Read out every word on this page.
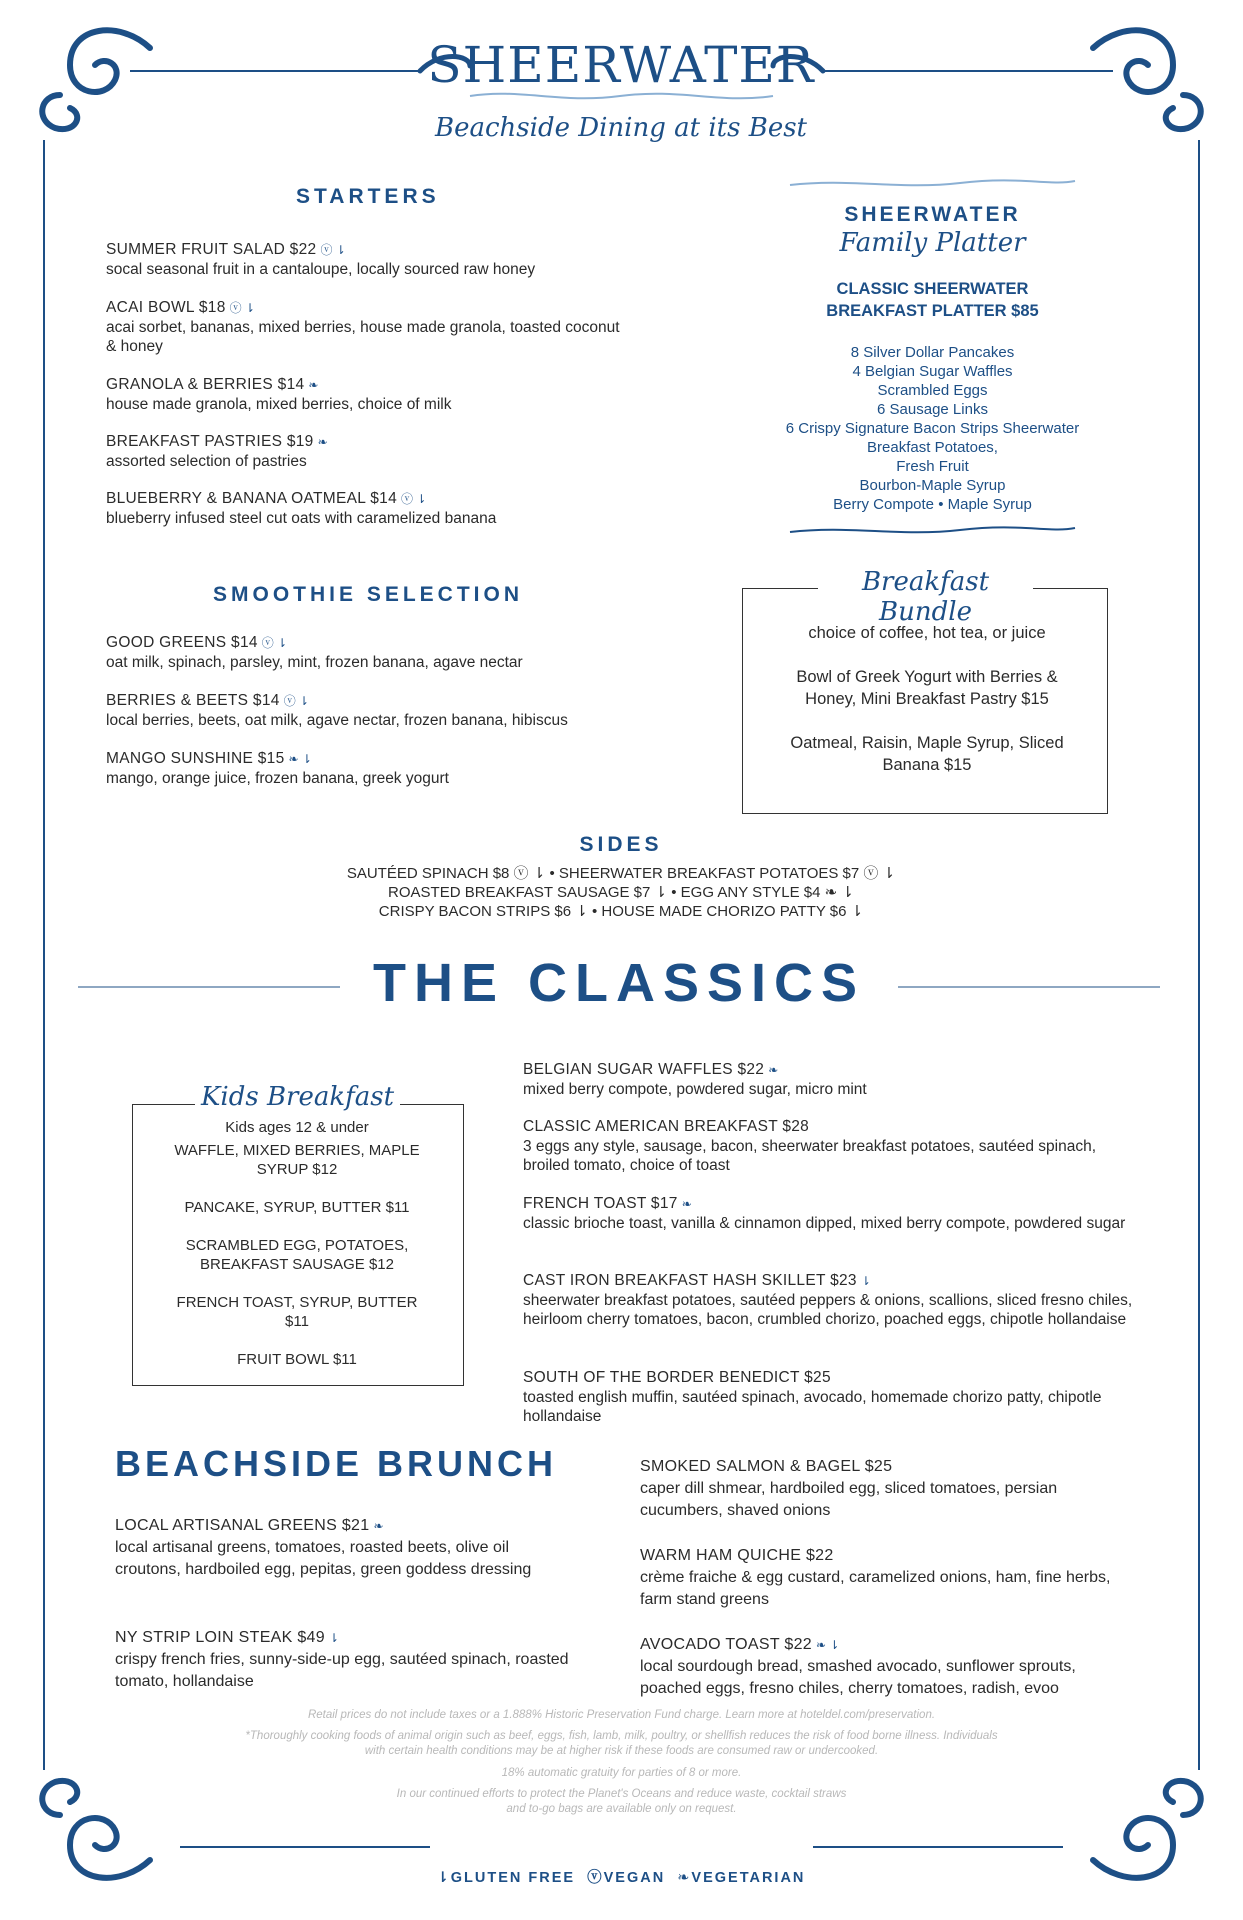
SHEERWATER
Beachside Dining at its Best
STARTERS
SUMMER FRUIT SALAD $22 ⓥ ⇂
socal seasonal fruit in a cantaloupe, locally sourced raw honey
ACAI BOWL $18 ⓥ ⇂
acai sorbet, bananas, mixed berries, house made granola, toasted coconut & honey
GRANOLA & BERRIES $14 ❧
house made granola, mixed berries, choice of milk
BREAKFAST PASTRIES $19 ❧
assorted selection of pastries
BLUEBERRY & BANANA OATMEAL $14 ⓥ ⇂
blueberry infused steel cut oats with caramelized banana
SHEERWATER
Family Platter
CLASSIC SHEERWATER
BREAKFAST PLATTER $85
8 Silver Dollar Pancakes
4 Belgian Sugar Waffles
Scrambled Eggs
6 Sausage Links
6 Crispy Signature Bacon Strips Sheerwater
Breakfast Potatoes,
Fresh Fruit
Bourbon-Maple Syrup
Berry Compote • Maple Syrup
SMOOTHIE SELECTION
GOOD GREENS $14 ⓥ ⇂
oat milk, spinach, parsley, mint, frozen banana, agave nectar
BERRIES & BEETS $14 ⓥ ⇂
local berries, beets, oat milk, agave nectar, frozen banana, hibiscus
MANGO SUNSHINE $15 ❧ ⇂
mango, orange juice, frozen banana, greek yogurt
Breakfast Bundle
choice of coffee, hot tea, or juice
Bowl of Greek Yogurt with Berries & Honey, Mini Breakfast Pastry $15
Oatmeal, Raisin, Maple Syrup, Sliced Banana $15
SIDES
SAUTÉED SPINACH $8 ⓥ ⇂ • SHEERWATER BREAKFAST POTATOES $7 ⓥ ⇂
ROASTED BREAKFAST SAUSAGE $7 ⇂ • EGG ANY STYLE $4 ❧ ⇂
CRISPY BACON STRIPS $6 ⇂ • HOUSE MADE CHORIZO PATTY $6 ⇂
THE CLASSICS
BELGIAN SUGAR WAFFLES $22 ❧
mixed berry compote, powdered sugar, micro mint
CLASSIC AMERICAN BREAKFAST $28
3 eggs any style, sausage, bacon, sheerwater breakfast potatoes, sautéed spinach, broiled tomato, choice of toast
FRENCH TOAST $17 ❧
classic brioche toast, vanilla & cinnamon dipped, mixed berry compote, powdered sugar
CAST IRON BREAKFAST HASH SKILLET $23 ⇂
sheerwater breakfast potatoes, sautéed peppers & onions, scallions, sliced fresno chiles, heirloom cherry tomatoes, bacon, crumbled chorizo, poached eggs, chipotle hollandaise
SOUTH OF THE BORDER BENEDICT $25
toasted english muffin, sautéed spinach, avocado, homemade chorizo patty, chipotle hollandaise
Kids Breakfast
Kids ages 12 & under
WAFFLE, MIXED BERRIES, MAPLE SYRUP $12
PANCAKE, SYRUP, BUTTER $11
SCRAMBLED EGG, POTATOES, BREAKFAST SAUSAGE $12
FRENCH TOAST, SYRUP, BUTTER $11
FRUIT BOWL $11
BEACHSIDE BRUNCH
LOCAL ARTISANAL GREENS $21 ❧
local artisanal greens, tomatoes, roasted beets, olive oil croutons, hardboiled egg, pepitas, green goddess dressing
NY STRIP LOIN STEAK $49 ⇂
crispy french fries, sunny-side-up egg, sautéed spinach, roasted tomato, hollandaise
SMOKED SALMON & BAGEL $25
caper dill shmear, hardboiled egg, sliced tomatoes, persian cucumbers, shaved onions
WARM HAM QUICHE $22
crème fraiche & egg custard, caramelized onions, ham, fine herbs, farm stand greens
AVOCADO TOAST $22 ❧ ⇂
local sourdough bread, smashed avocado, sunflower sprouts, poached eggs, fresno chiles, cherry tomatoes, radish, evoo
Retail prices do not include taxes or a 1.888% Historic Preservation Fund charge. Learn more at hoteldel.com/preservation.
*Thoroughly cooking foods of animal origin such as beef, eggs, fish, lamb, milk, poultry, or shellfish reduces the risk of food borne illness. Individuals with certain health conditions may be at higher risk if these foods are consumed raw or undercooked.
18% automatic gratuity for parties of 8 or more.
In our continued efforts to protect the Planet's Oceans and reduce waste, cocktail straws and to-go bags are available only on request.
⇂GLUTEN FREE ⓥVEGAN ❧VEGETARIAN
